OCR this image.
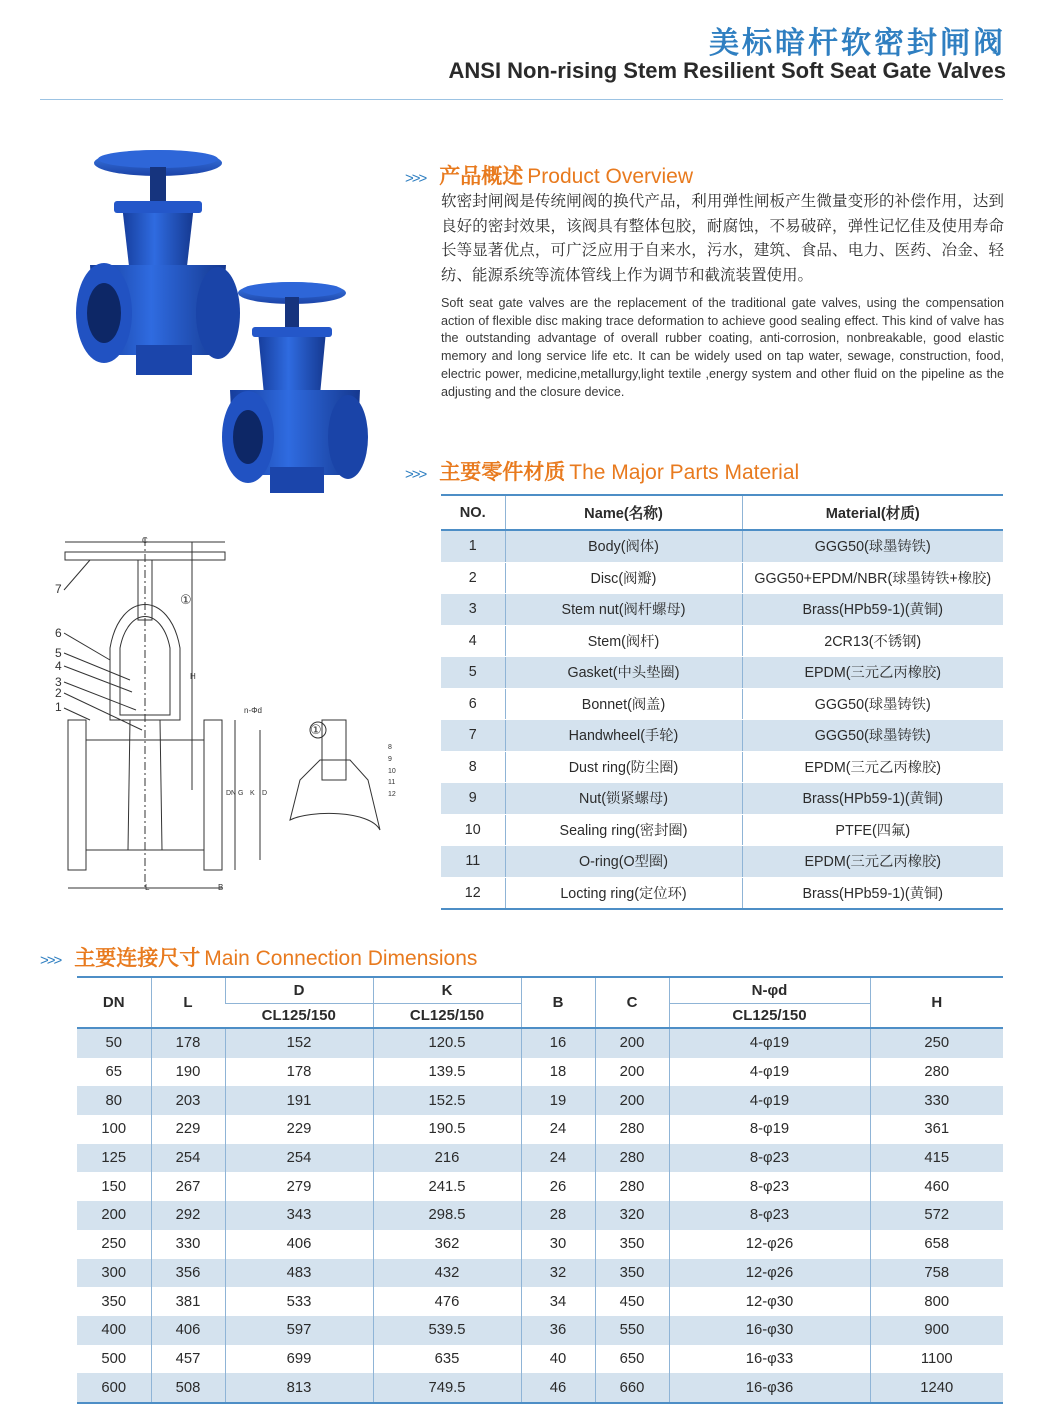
美标暗杆软密封闸阀
ANSI Non-rising Stem Resilient Soft Seat Gate Valves
7
6
5
4
3
2
1
①
①
8
9
10
11
12
C
H
n-Φd
DN G K D
L	B
>>> 产品概述 Product Overview
软密封闸阀是传统闸阀的换代产品，利用弹性闸板产生微量变形的补偿作用，达到良好的密封效果，该阀具有整体包胶，耐腐蚀，不易破碎，弹性记忆佳及使用寿命长等显著优点，可广泛应用于自来水，污水，建筑、食品、电力、医药、冶金、轻纺、能源系统等流体管线上作为调节和截流装置使用。
Soft seat gate valves are the replacement of the traditional gate valves, using the compensation action of flexible disc making trace deformation to achieve good sealing effect. This kind of valve has the outstanding advantage of overall rubber coating, anti-corrosion, nonbreakable, good elastic memory and long service life etc. It can be widely used on tap water, sewage, construction, food, electric power, medicine,metallurgy,light textile ,energy system and other fluid on the pipeline as the adjusting and the closure device.
>>> 主要零件材质 The Major Parts Material
NO.	Name(名称)	Material(材质)
1	Body(阀体)	GGG50(球墨铸铁)
2	Disc(阀瓣)	GGG50+EPDM/NBR(球墨铸铁+橡胶)
3	Stem nut(阀杆螺母)	Brass(HPb59-1)(黄铜)
4	Stem(阀杆)	2CR13(不锈钢)
5	Gasket(中头垫圈)	EPDM(三元乙丙橡胶)
6	Bonnet(阀盖)	GGG50(球墨铸铁)
7	Handwheel(手轮)	GGG50(球墨铸铁)
8	Dust ring(防尘圈)	EPDM(三元乙丙橡胶)
9	Nut(锁紧螺母)	Brass(HPb59-1)(黄铜)
10	Sealing ring(密封圈)	PTFE(四氟)
11	O-ring(O型圈)	EPDM(三元乙丙橡胶)
12	Locting ring(定位环)	Brass(HPb59-1)(黄铜)
>>> 主要连接尺寸 Main Connection Dimensions
DN	L	D	K	B	C	N-φd	H
		CL125/150	CL125/150			CL125/150	
50	178	152	120.5	16	200	4-φ19	250
65	190	178	139.5	18	200	4-φ19	280
80	203	191	152.5	19	200	4-φ19	330
100	229	229	190.5	24	280	8-φ19	361
125	254	254	216	24	280	8-φ23	415
150	267	279	241.5	26	280	8-φ23	460
200	292	343	298.5	28	320	8-φ23	572
250	330	406	362	30	350	12-φ26	658
300	356	483	432	32	350	12-φ26	758
350	381	533	476	34	450	12-φ30	800
400	406	597	539.5	36	550	16-φ30	900
500	457	699	635	40	650	16-φ33	1100
600	508	813	749.5	46	660	16-φ36	1240
